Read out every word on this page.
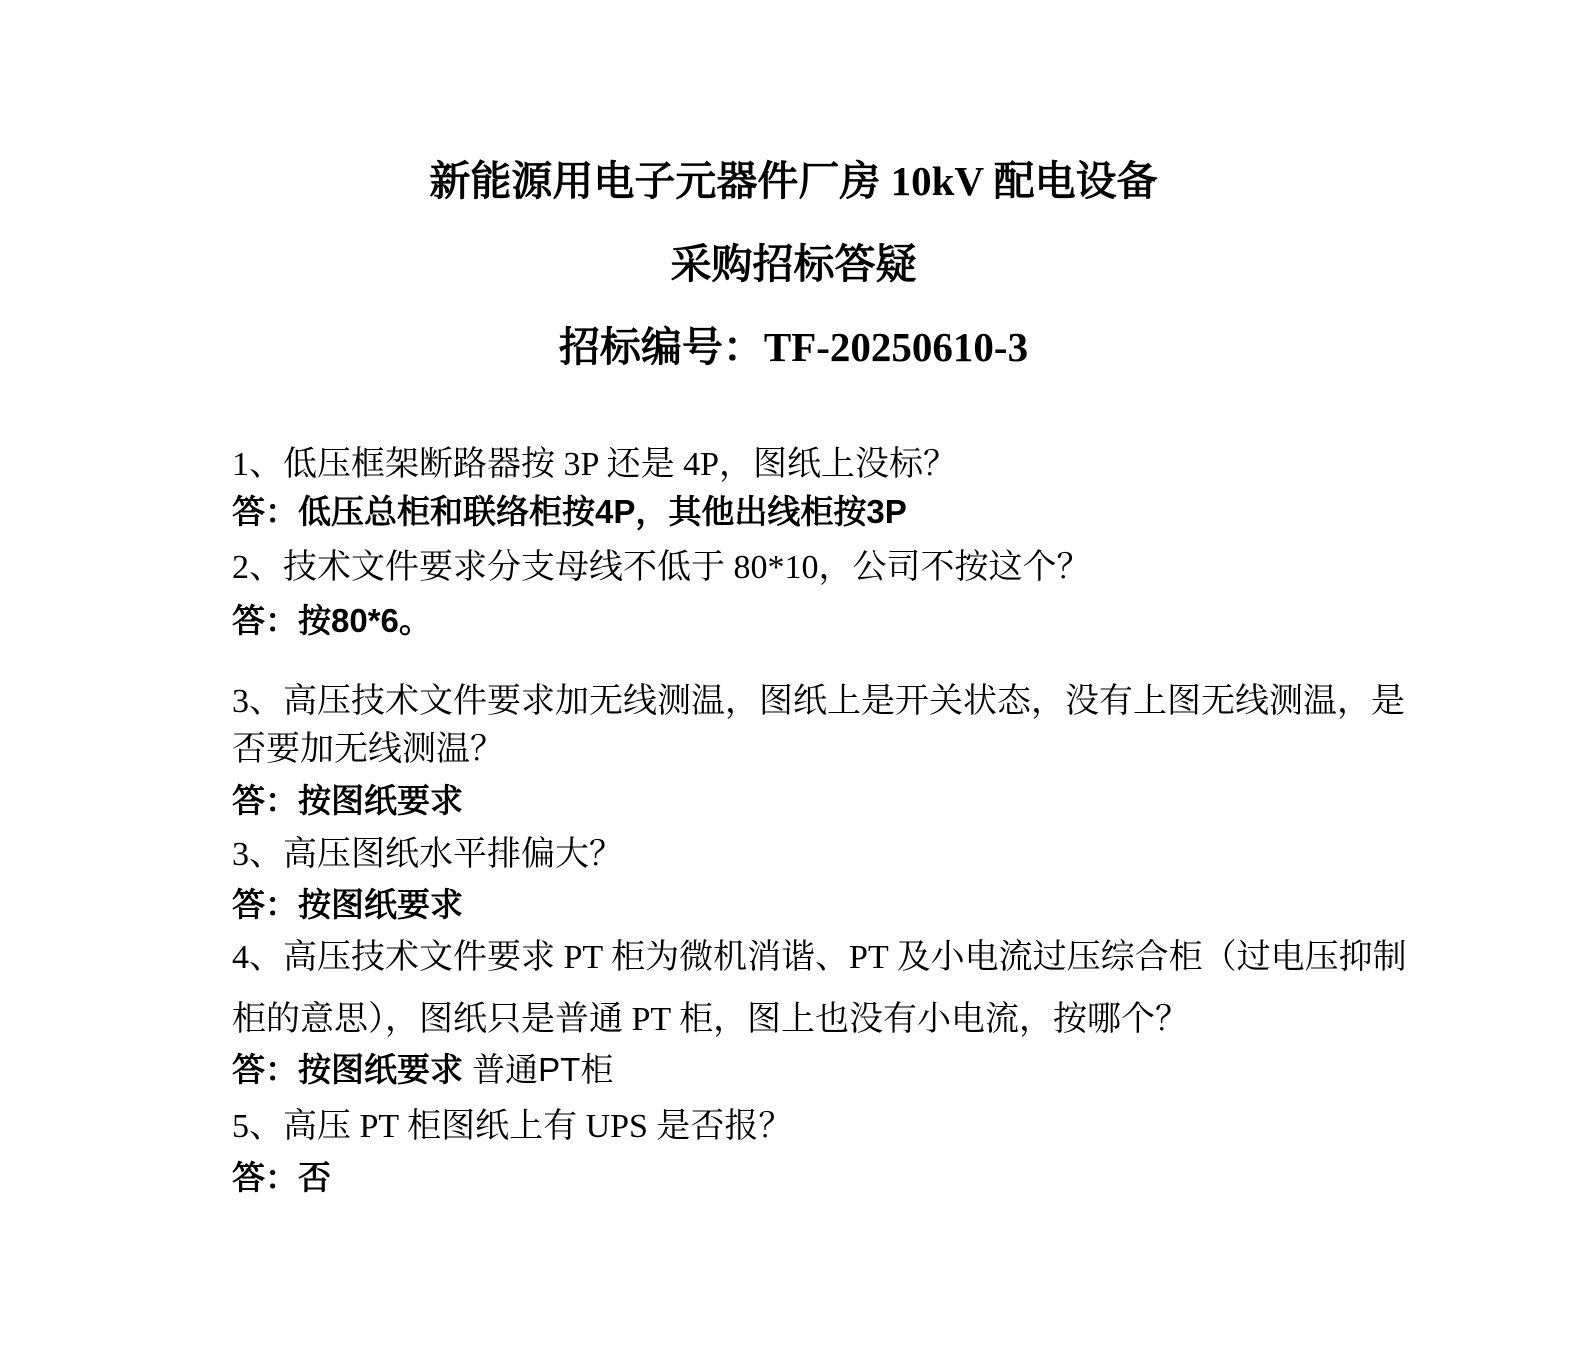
新能源用电子元器件厂房 10kV 配电设备
采购招标答疑
招标编号：TF-20250610-3
1、低压框架断路器按 3P 还是 4P，图纸上没标？
答：低压总柜和联络柜按4P，其他出线柜按3P
2、技术文件要求分支母线不低于 80*10，公司不按这个？
答：按80*6。
3、高压技术文件要求加无线测温，图纸上是开关状态，没有上图无线测温，是
否要加无线测温？
答：按图纸要求
3、高压图纸水平排偏大？
答：按图纸要求
4、高压技术文件要求 PT 柜为微机消谐、PT 及小电流过压综合柜（过电压抑制
柜的意思），图纸只是普通 PT 柜，图上也没有小电流，按哪个？
答：按图纸要求 普通PT柜
5、高压 PT 柜图纸上有 UPS 是否报？
答：否
